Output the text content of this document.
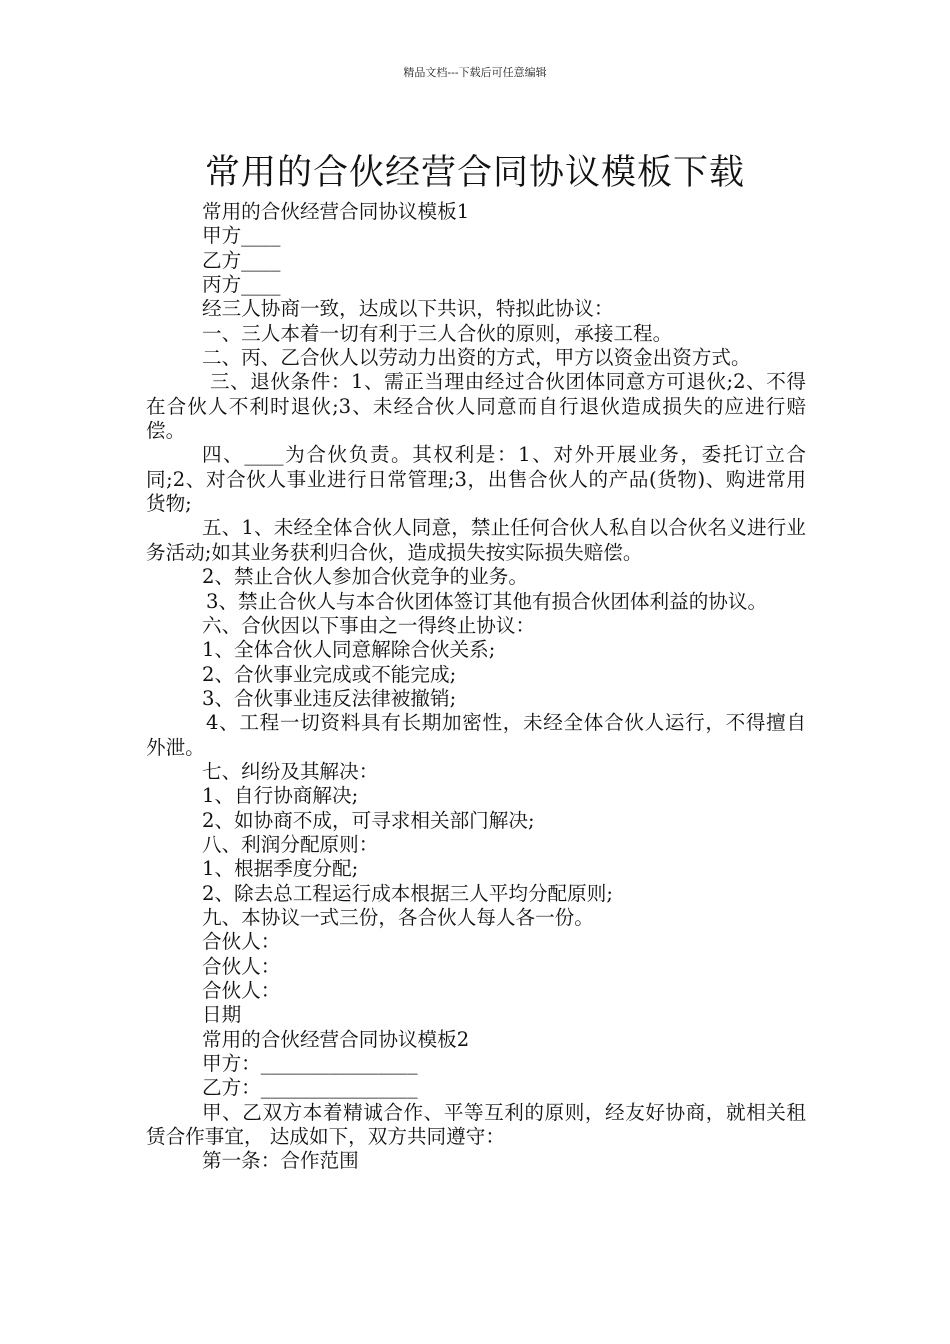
精品文档---下载后可任意编辑
常用的合伙经营合同协议模板下载

常用的合伙经营合同协议模板1

甲方____

乙方____

丙方____

经三人协商一致，达成以下共识，特拟此协议：

一、三人本着一切有利于三人合伙的原则，承接工程。

二、丙、乙合伙人以劳动力出资的方式，甲方以资金出资方式。

三、退伙条件：1、需正当理由经过合伙团体同意方可退伙;2、不得在合伙人不利时退伙;3、未经合伙人同意而自行退伙造成损失的应进行赔偿。

四、____为合伙负责。其权利是：1、对外开展业务，委托订立合同;2、对合伙人事业进行日常管理;3，出售合伙人的产品(货物)、购进常用货物;

五、1、未经全体合伙人同意，禁止任何合伙人私自以合伙名义进行业务活动;如其业务获利归合伙，造成损失按实际损失赔偿。

2、禁止合伙人参加合伙竞争的业务。

3、禁止合伙人与本合伙团体签订其他有损合伙团体利益的协议。

六、合伙因以下事由之一得终止协议：

1、全体合伙人同意解除合伙关系;

2、合伙事业完成或不能完成;

3、合伙事业违反法律被撤销;

4、工程一切资料具有长期加密性，未经全体合伙人运行，不得擅自外泄。

七、纠纷及其解决：

1、自行协商解决;

2、如协商不成，可寻求相关部门解决;

八、利润分配原则：

1、根据季度分配;

2、除去总工程运行成本根据三人平均分配原则;

九、本协议一式三份，各合伙人每人各一份。

合伙人：

合伙人：

合伙人：

日期

常用的合伙经营合同协议模板2

甲方：________________

乙方：________________

甲、乙双方本着精诚合作、平等互利的原则，经友好协商，就相关租赁合作事宜， 达成如下，双方共同遵守：

第一条：合作范围
